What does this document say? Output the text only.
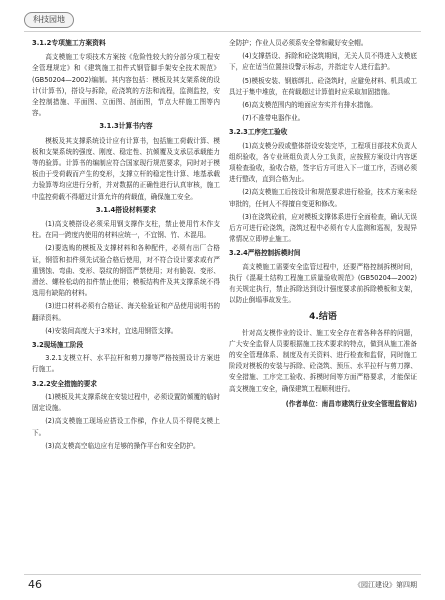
科技园地
3.1.2专项施工方案资料

高支模施工专项技术方案按《危险性较大的分部分项工程安全管理规定》和《建筑施工扣件式钢管脚手架安全技术规范》(GB50204—2002)编制。其内容包括：模板及其支架系统的设计(计算书)，搭设与拆除，砼浇筑的方法和流程，监测监控，安全控制措施、平面图、立面图、剖面图，节点大样施工图等内容。

3.1.3计算书内容

模板及其支撑系统设计应有计算书，包括施工荷载计算、模板和支架系统的强度、刚度、稳定性、抗倾覆及支承层承载能力等的验算。计算书的编制应符合国家现行规范要求，同时对于模板由于受荷载而产生的变形，支撑立杆的稳定性计算、地基承载力验算等均应进行分析，并对数据的正确性进行认真审核，施工中监控荷载不得超过计算允许的荷载值，确保施工安全。

3.1.4搭设材料要求

(1)高支模搭设必须采用钢支撑作支柱，禁止使用竹木作支柱。在同一跨度内使用的材料应统一，不宜钢、竹、木混用。

(2)要选购的模板及支撑材料和各种配件，必须有出厂合格证，钢管和扣件须先试验合格后使用，对不符合设计要求或有严重锈蚀、弯曲、变形、裂纹的钢管严禁使用；对有脆裂、变形、滑丝、螺栓松动的扣件禁止使用；模板结构件及其支撑系统不得选用有缺陷的材料。

(3)进口材料必须有合格证、海关检验证和产品使用说明书的翻译资料。

(4)安装间高度大于3米时，宜选用钢管支撑。

3.2现场施工阶段

3.2.1支模立杆、水平拉杆和剪刀撑等严格按照设计方案进行施工。

3.2.2安全措施的要求

(1)模板及其支撑系统在安装过程中，必须设置防倾覆的临时固定设施。

(2)高支模施工现场应搭设工作梯，作业人员不得爬支模上下。

(3)高支模高空临边应有足够的操作平台和安全防护。

全防护；作业人员必须系安全带和戴好安全帽。

(4)支撑搭设、拆除和砼浇筑期间，无关人员不得进入支模底下，应在适当位置挂设警示标志，并指定专人进行监护。

(5)模板安装、钢筋绑扎、砼浇筑时，应避免材料、机具或工具过于集中堆放，在荷载超过计算值时应采取加固措施。

(6)高支模范围内的地面应夯实并有排水措施。

(7)不准带电器作业。

3.2.3工序完工验收

(1)高支模分段或整体搭设安装完毕，工程项目部技术负责人组织验收，各专业班组负责人分工负责，应按照方案设计内容逐项检查验收，验收合格，签字后方可进入下一道工序，否则必须进行整改，直到合格为止。

(2)高支模施工后按设计和规范要求进行检验，技术方案未经审批的，任何人不得擅自变更和修改。

(3)在浇筑砼前，应对模板支撑体系进行全面检查，确认无误后方可进行砼浇筑，浇筑过程中必须有专人监测和巡视，发现异常情况立即停止施工。

3.2.4严格控制拆模时间

高支模施工需要安全监管过程中，还要严格控制拆模时间，执行《混凝土结构工程施工质量验收规范》(GB50204—2002)有关规定执行，禁止拆除达到设计强度要求前拆除模板和支架，以防止倒塌事故发生。

4.结语

针对高支模作业的设计、施工安全存在着各种各样的问题，广大安全监督人员要根据施工技术要求的特点，做到从施工准备的安全管理体系、制度及有关资料、进行检查和监督，同时施工阶段对模板的安装与拆除、砼浇筑、预压、水平拉杆与剪刀撑、安全措施、工序完工验收、拆模时间等方面严格要求，才能保证高支模施工安全，确保建筑工程顺利进行。

(作者单位：南昌市建筑行业安全管理监督站)

46	《园江建设》第四期
